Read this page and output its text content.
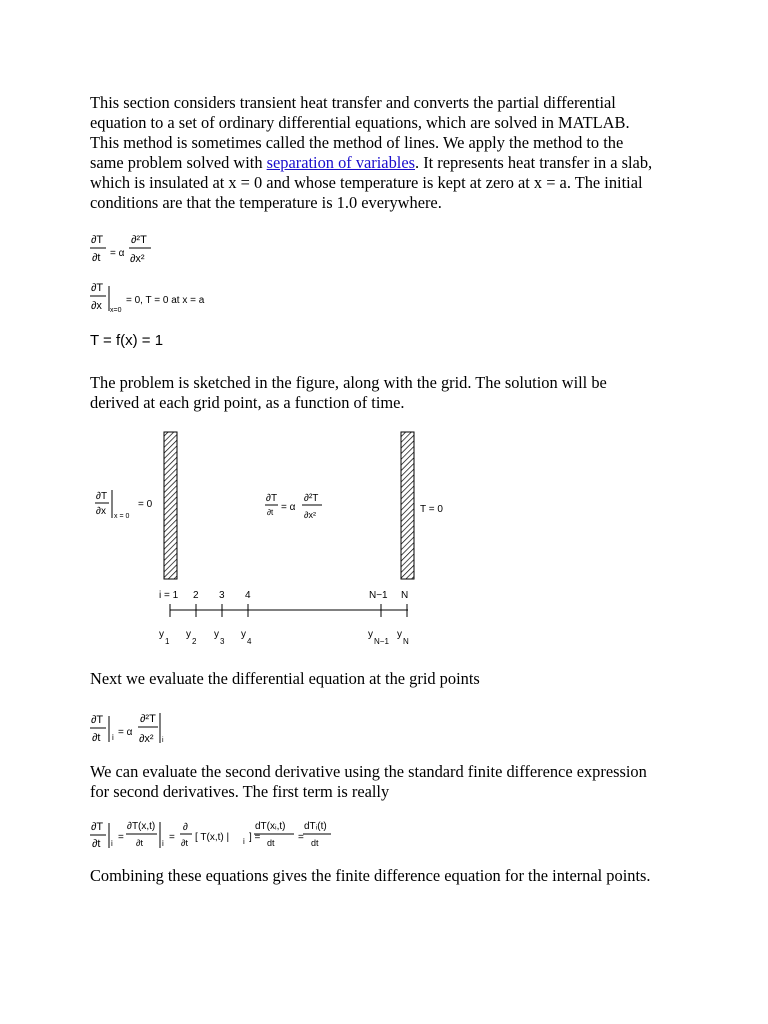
This section considers transient heat transfer and converts the partial differential
equation to a set of ordinary differential equations, which are solved in MATLAB.
This method is sometimes called the method of lines. We apply the method to the
same problem solved with separation of variables. It represents heat transfer in a slab,
which is insulated at x = 0 and whose temperature is kept at zero at x = a. The initial
conditions are that the temperature is 1.0 everywhere.

∂T
∂t = α
∂²T
∂x²
∂T
∂x x=0
= 0, T = 0 at x = a
T = f(x) = 1
∂T
∂x x = 0
= 0
∂T
∂t = α
∂²T
∂x²	T = 0
i = 1 2 3 4	N−1 N
y
1
y
2
y
3
y
4
y
N−1
y
N
∂T
∂t i = α
∂²T
∂x² i
∂T
∂t i
=
∂T(x,t)
∂t i
=
∂
∂t [ T(x,t) | i ] =
dT(xᵢ,t)
dt =
dTᵢ(t)
dt

The problem is sketched in the figure, along with the grid. The solution will be
derived at each grid point, as a function of time.

Next we evaluate the differential equation at the grid points

We can evaluate the second derivative using the standard finite difference expression
for second derivatives. The first term is really

Combining these equations gives the finite difference equation for the internal points.
